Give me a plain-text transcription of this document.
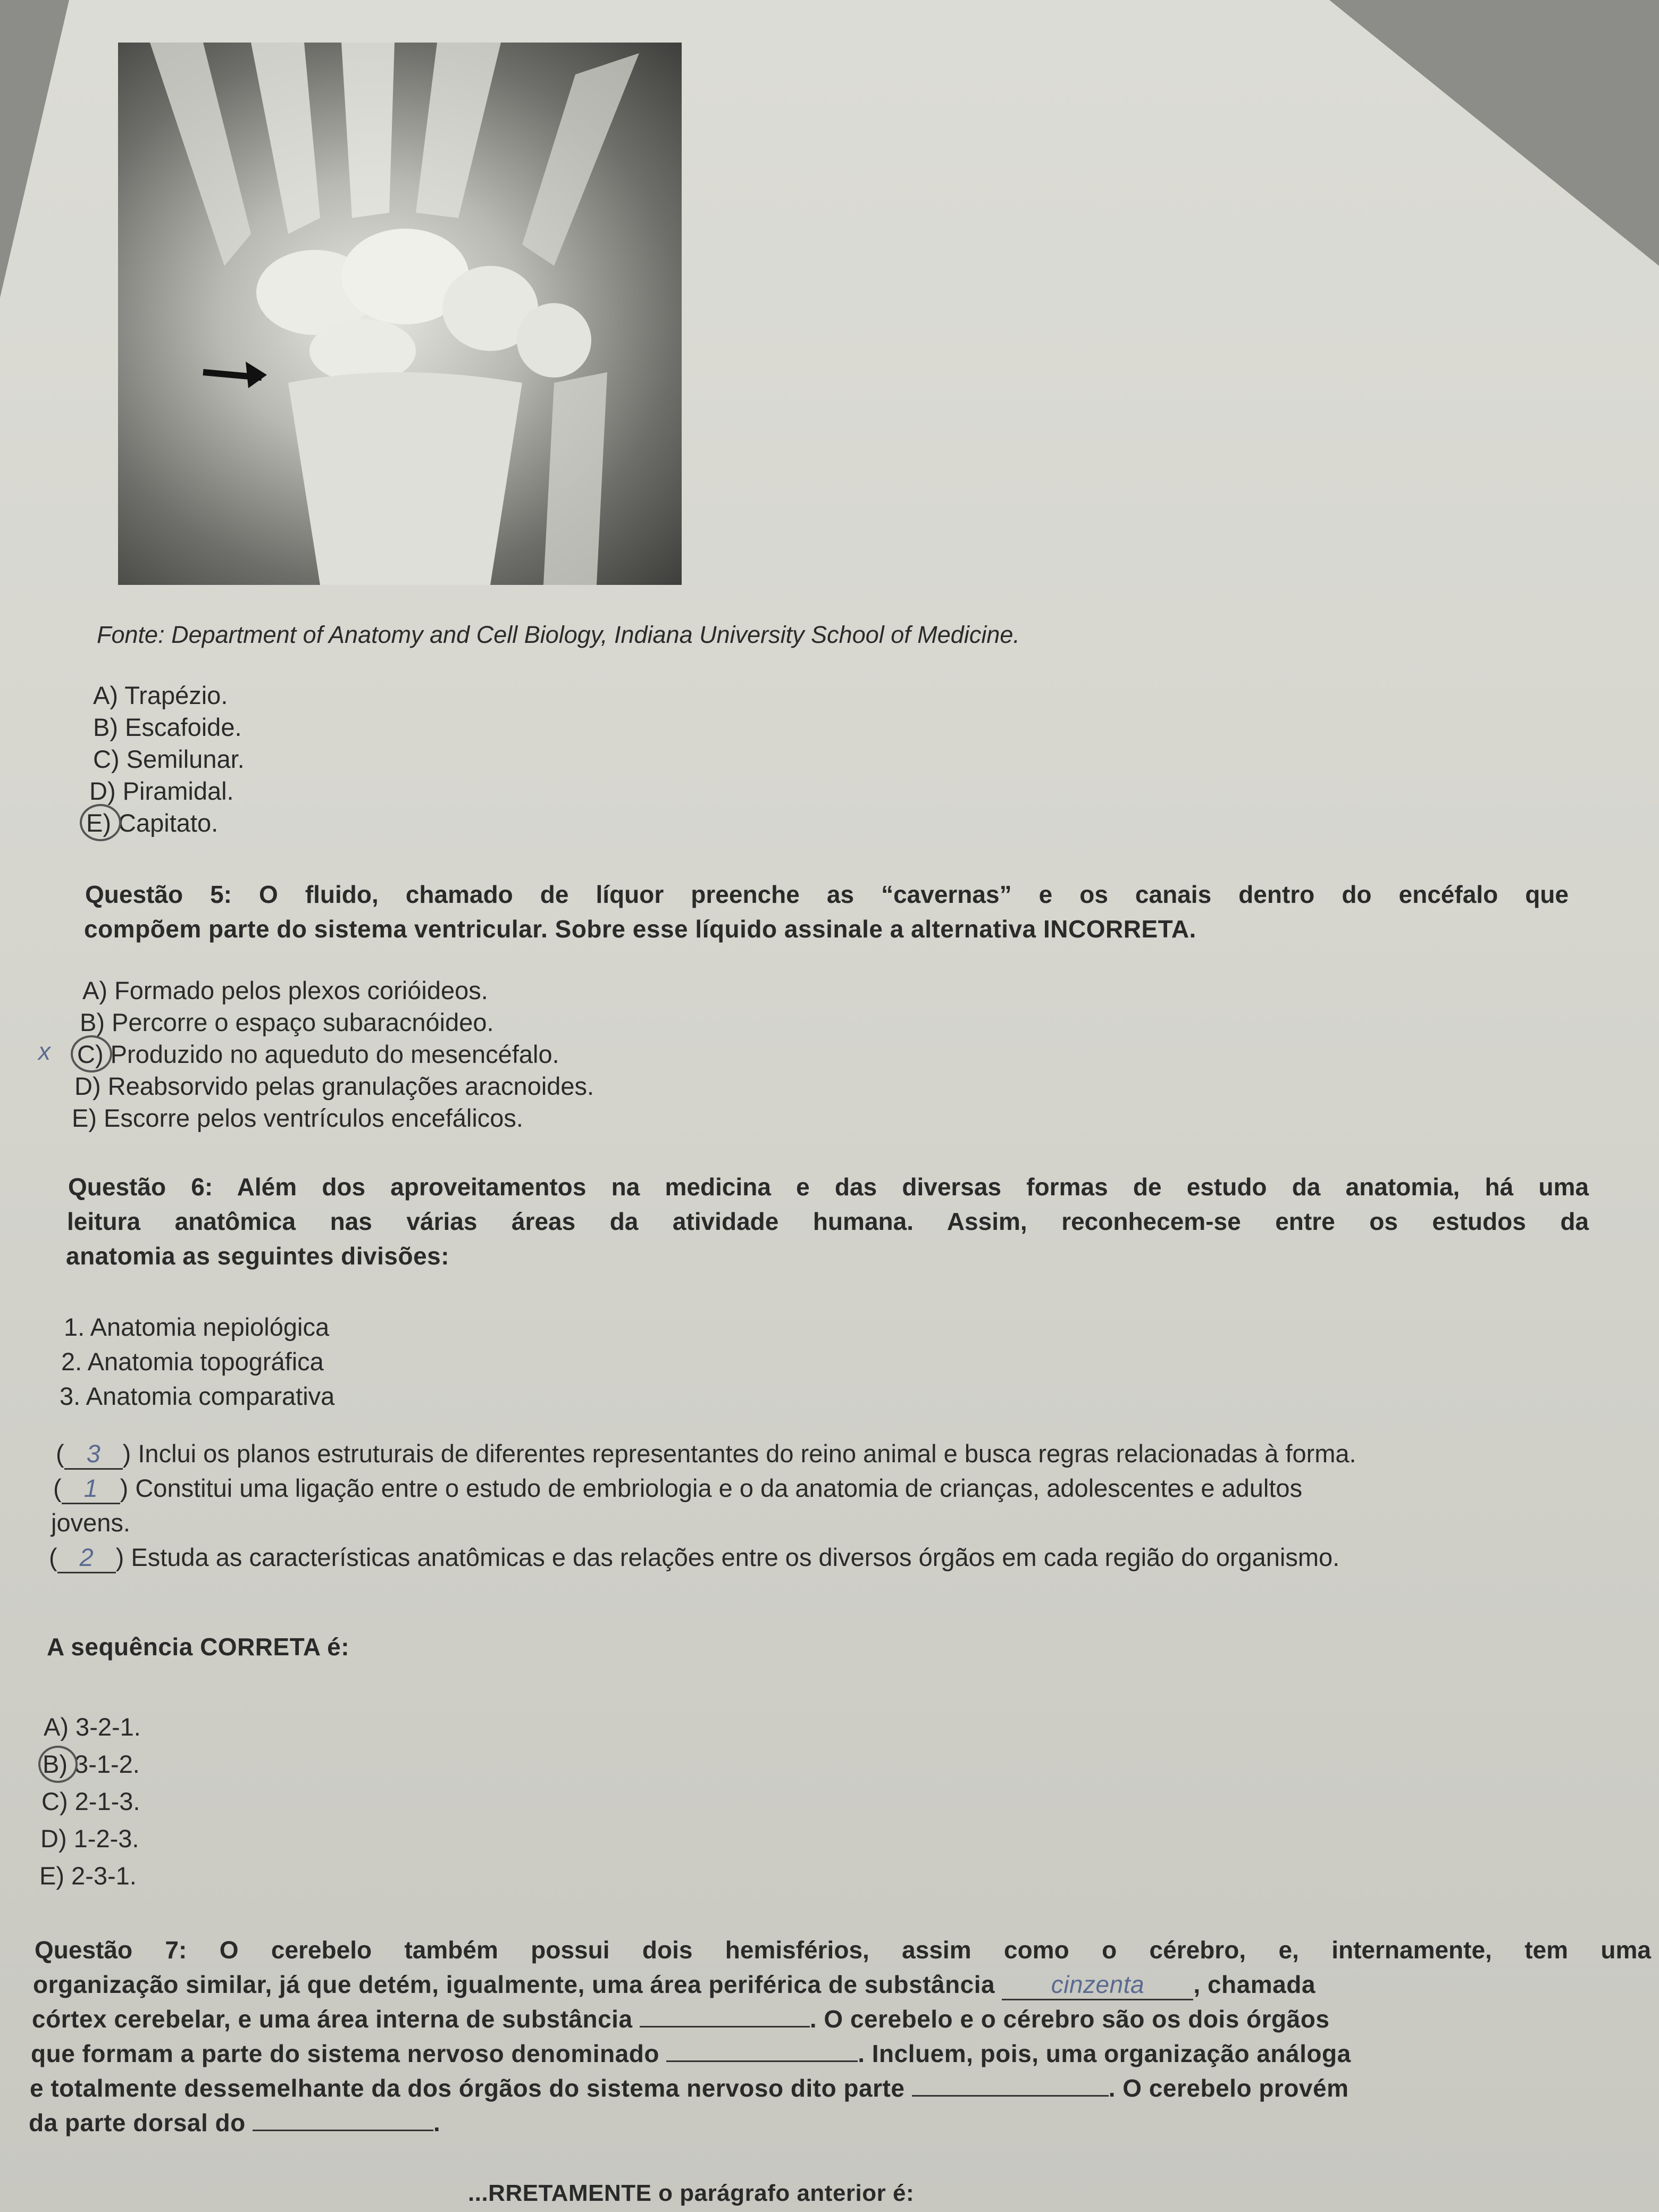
Fonte: Department of Anatomy and Cell Biology, Indiana University School of Medicine.
A) Trapézio.
B) Escafoide.
C) Semilunar.
D) Piramidal.
E) Capitato.
Questão 5: O fluido, chamado de líquor preenche as “cavernas” e os canais dentro do encéfalo que
compõem parte do sistema ventricular. Sobre esse líquido assinale a alternativa INCORRETA.
A) Formado pelos plexos corióideos.
B) Percorre o espaço subaracnóideo.
C) Produzido no aqueduto do mesencéfalo.
D) Reabsorvido pelas granulações aracnoides.
E) Escorre pelos ventrículos encefálicos.
x
Questão 6: Além dos aproveitamentos na medicina e das diversas formas de estudo da anatomia, há uma
leitura anatômica nas várias áreas da atividade humana. Assim, reconhecem-se entre os estudos da
anatomia as seguintes divisões:
1. Anatomia nepiológica
2. Anatomia topográfica
3. Anatomia comparativa
( 3 ) Inclui os planos estruturais de diferentes representantes do reino animal e busca regras relacionadas à forma.
( 1 ) Constitui uma ligação entre o estudo de embriologia e o da anatomia de crianças, adolescentes e adultos
jovens.
( 2 ) Estuda as características anatômicas e das relações entre os diversos órgãos em cada região do organismo.
A sequência CORRETA é:
A) 3-2-1.
B) 3-1-2.
C) 2-1-3.
D) 1-2-3.
E) 2-3-1.
Questão 7: O cerebelo também possui dois hemisférios, assim como o cérebro, e, internamente, tem uma
organização similar, já que detém, igualmente, uma área periférica de substância cinzenta , chamada
córtex cerebelar, e uma área interna de substância	. O cerebelo e o cérebro são os dois órgãos
que formam a parte do sistema nervoso denominado	. Incluem, pois, uma organização análoga
e totalmente dessemelhante da dos órgãos do sistema nervoso dito parte	. O cerebelo provém
da parte dorsal do	.
...RRETAMENTE o parágrafo anterior é:
